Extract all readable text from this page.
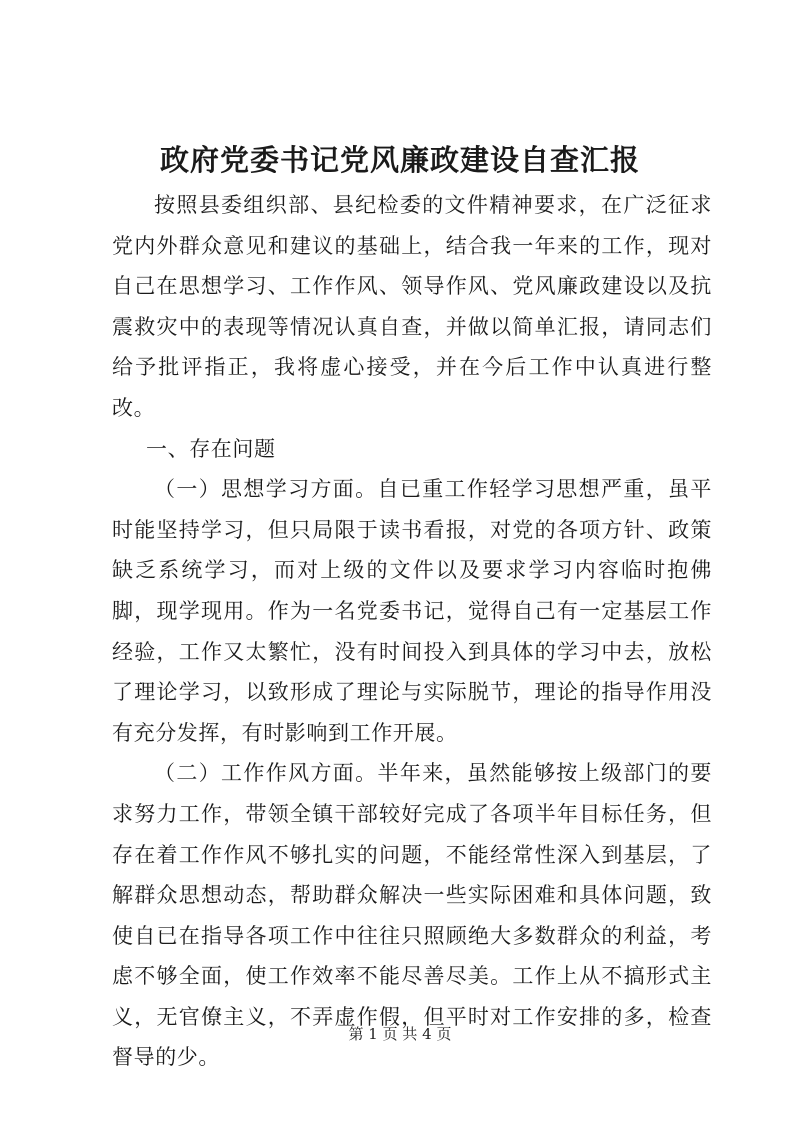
政府党委书记党风廉政建设自查汇报

按照县委组织部、县纪检委的文件精神要求，在广泛征求党内外群众意见和建议的基础上，结合我一年来的工作，现对自己在思想学习、工作作风、领导作风、党风廉政建设以及抗震救灾中的表现等情况认真自查，并做以简单汇报，请同志们给予批评指正，我将虚心接受，并在今后工作中认真进行整改。

一、存在问题

（一）思想学习方面。自已重工作轻学习思想严重，虽平时能坚持学习，但只局限于读书看报，对党的各项方针、政策缺乏系统学习，而对上级的文件以及要求学习内容临时抱佛脚，现学现用。作为一名党委书记，觉得自己有一定基层工作经验，工作又太繁忙，没有时间投入到具体的学习中去，放松了理论学习，以致形成了理论与实际脱节，理论的指导作用没有充分发挥，有时影响到工作开展。

（二）工作作风方面。半年来，虽然能够按上级部门的要求努力工作，带领全镇干部较好完成了各项半年目标任务，但存在着工作作风不够扎实的问题，不能经常性深入到基层，了解群众思想动态，帮助群众解决一些实际困难和具体问题，致使自已在指导各项工作中往往只照顾绝大多数群众的利益，考虑不够全面，使工作效率不能尽善尽美。工作上从不搞形式主义，无官僚主义，不弄虚作假，但平时对工作安排的多，检查督导的少。

第 1 页 共 4 页
